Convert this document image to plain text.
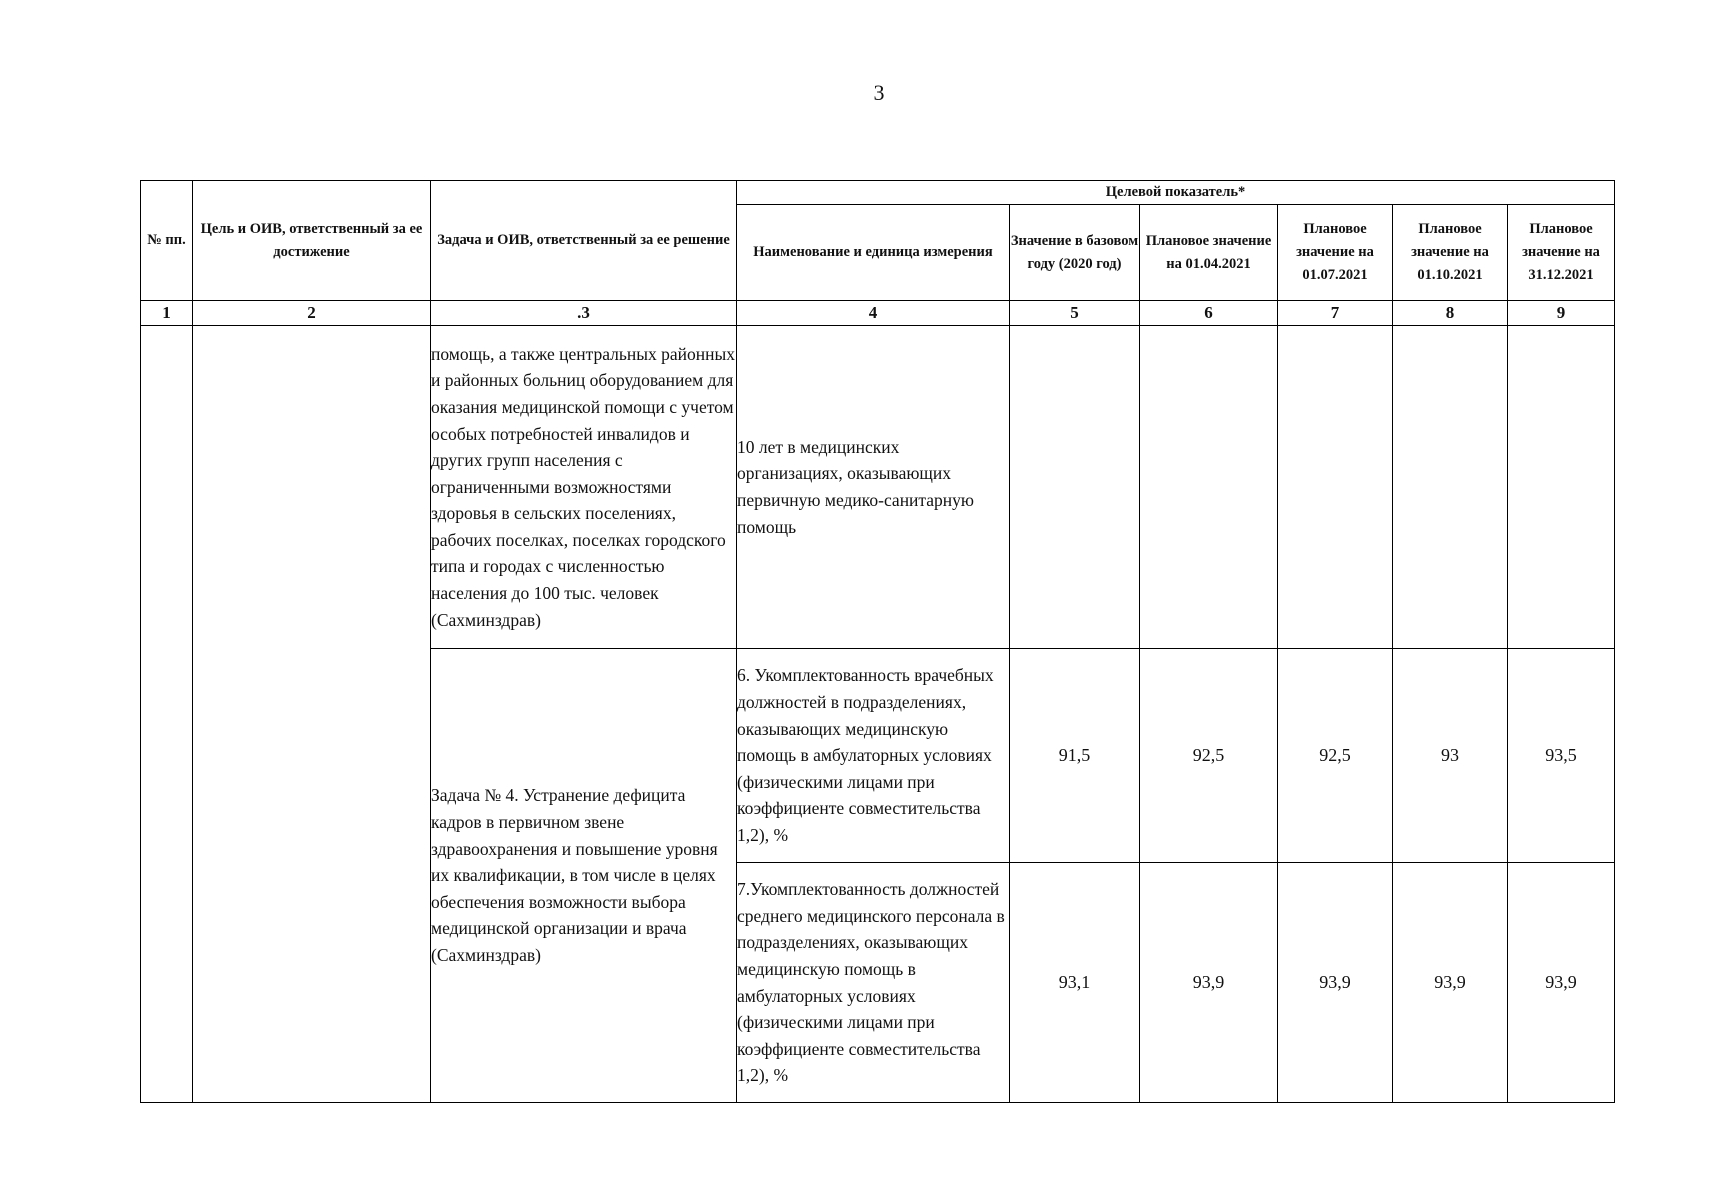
3
№ пп.	Цель и ОИВ, ответственный за ее достижение	Задача и ОИВ, ответственный за ее решение	Целевой показатель*					
			Наименование и единица измерения	Значение в базовом году (2020 год)	Плановое значение на 01.04.2021	Плановое значение на 01.07.2021	Плановое значение на 01.10.2021	Плановое значение на 31.12.2021
1	2	.3	4	5	6	7	8	9
		помощь, а также центральных районных и районных больниц оборудованием для оказания медицинской помощи с учетом особых потребностей инвалидов и других групп населения с ограниченными возможностями здоровья в сельских поселениях, рабочих поселках, поселках городского типа и городах с численностью населения до 100 тыс. человек (Сахминздрав)	10 лет в медицинских организациях, оказывающих первичную медико-санитарную помощь					
		Задача № 4. Устранение дефицита кадров в первичном звене здравоохранения и повышение уровня их квалификации, в том числе в целях обеспечения возможности выбора медицинской организации и врача (Сахминздрав)	6. Укомплектованность врачебных должностей в подразделениях, оказывающих медицинскую помощь в амбулаторных условиях (физическими лицами при коэффициенте совместительства 1,2), %	91,5	92,5	92,5	93	93,5
			7.Укомплектованность должностей среднего медицинского персонала в подразделениях, оказывающих медицинскую помощь в амбулаторных условиях (физическими лицами при коэффициенте совместительства 1,2), %	93,1	93,9	93,9	93,9	93,9
